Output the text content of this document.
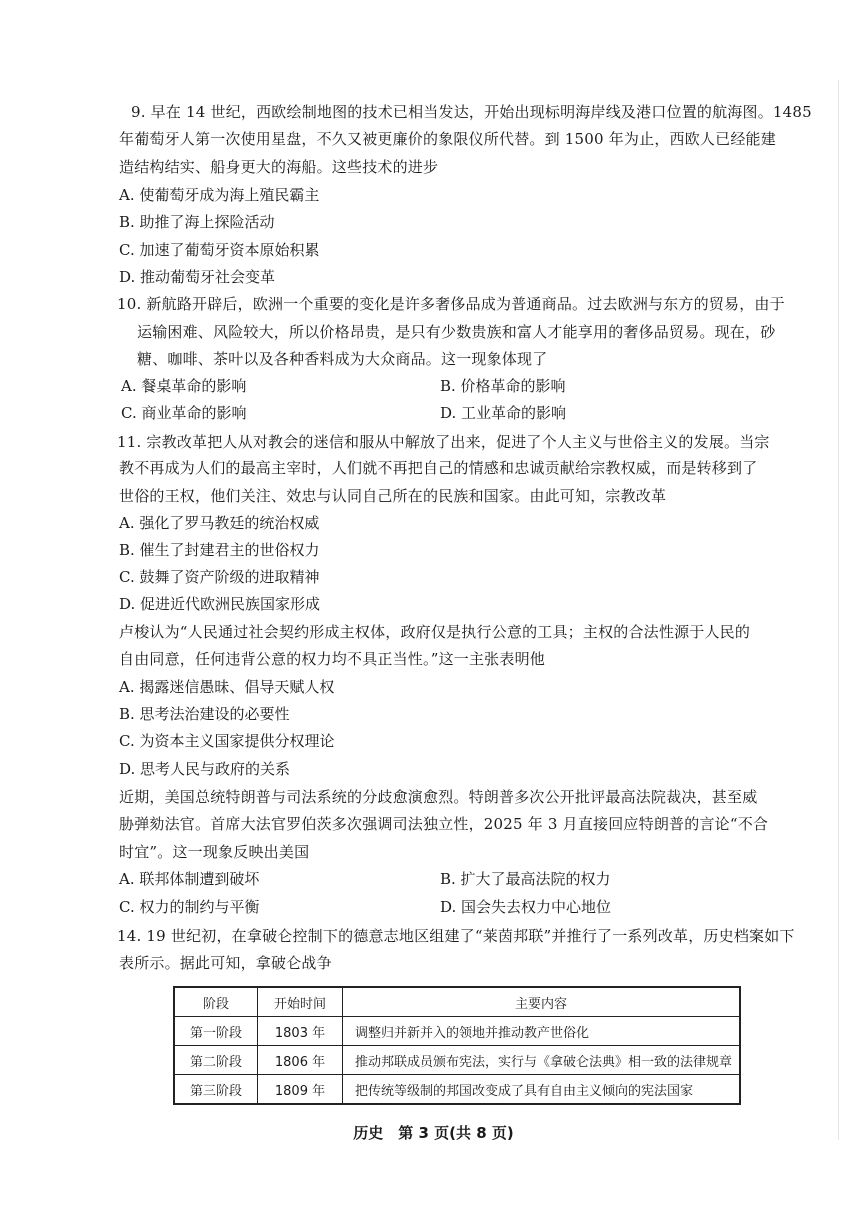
9. 早在 14 世纪，西欧绘制地图的技术已相当发达，开始出现标明海岸线及港口位置的航海图。1485
年葡萄牙人第一次使用星盘，不久又被更廉价的象限仪所代替。到 1500 年为止，西欧人已经能建
造结构结实、船身更大的海船。这些技术的进步
A. 使葡萄牙成为海上殖民霸主
B. 助推了海上探险活动
C. 加速了葡萄牙资本原始积累
D. 推动葡萄牙社会变革
10. 新航路开辟后，欧洲一个重要的变化是许多奢侈品成为普通商品。过去欧洲与东方的贸易，由于
运输困难、风险较大，所以价格昂贵，是只有少数贵族和富人才能享用的奢侈品贸易。现在，砂
糖、咖啡、茶叶以及各种香料成为大众商品。这一现象体现了
A. 餐桌革命的影响	B. 价格革命的影响
C. 商业革命的影响	D. 工业革命的影响
11. 宗教改革把人从对教会的迷信和服从中解放了出来，促进了个人主义与世俗主义的发展。当宗
教不再成为人们的最高主宰时，人们就不再把自己的情感和忠诚贡献给宗教权威，而是转移到了
世俗的王权，他们关注、效忠与认同自己所在的民族和国家。由此可知，宗教改革
A. 强化了罗马教廷的统治权威
B. 催生了封建君主的世俗权力
C. 鼓舞了资产阶级的进取精神
D. 促进近代欧洲民族国家形成
卢梭认为“人民通过社会契约形成主权体，政府仅是执行公意的工具；主权的合法性源于人民的
自由同意，任何违背公意的权力均不具正当性。”这一主张表明他
A. 揭露迷信愚昧、倡导天赋人权
B. 思考法治建设的必要性
C. 为资本主义国家提供分权理论
D. 思考人民与政府的关系
近期，美国总统特朗普与司法系统的分歧愈演愈烈。特朗普多次公开批评最高法院裁决，甚至威
胁弹劾法官。首席大法官罗伯茨多次强调司法独立性，2025 年 3 月直接回应特朗普的言论“不合
时宜”。这一现象反映出美国
A. 联邦体制遭到破坏	B. 扩大了最高法院的权力
C. 权力的制约与平衡	D. 国会失去权力中心地位
14. 19 世纪初，在拿破仑控制下的德意志地区组建了“莱茵邦联”并推行了一系列改革，历史档案如下
表所示。据此可知，拿破仑战争
阶段	开始时间	主要内容
第一阶段	1803 年	调整归并新并入的领地并推动教产世俗化
第二阶段	1806 年	推动邦联成员颁布宪法，实行与《拿破仑法典》相一致的法律规章
第三阶段	1809 年	把传统等级制的邦国改变成了具有自由主义倾向的宪法国家
历史　第 3 页(共 8 页)
